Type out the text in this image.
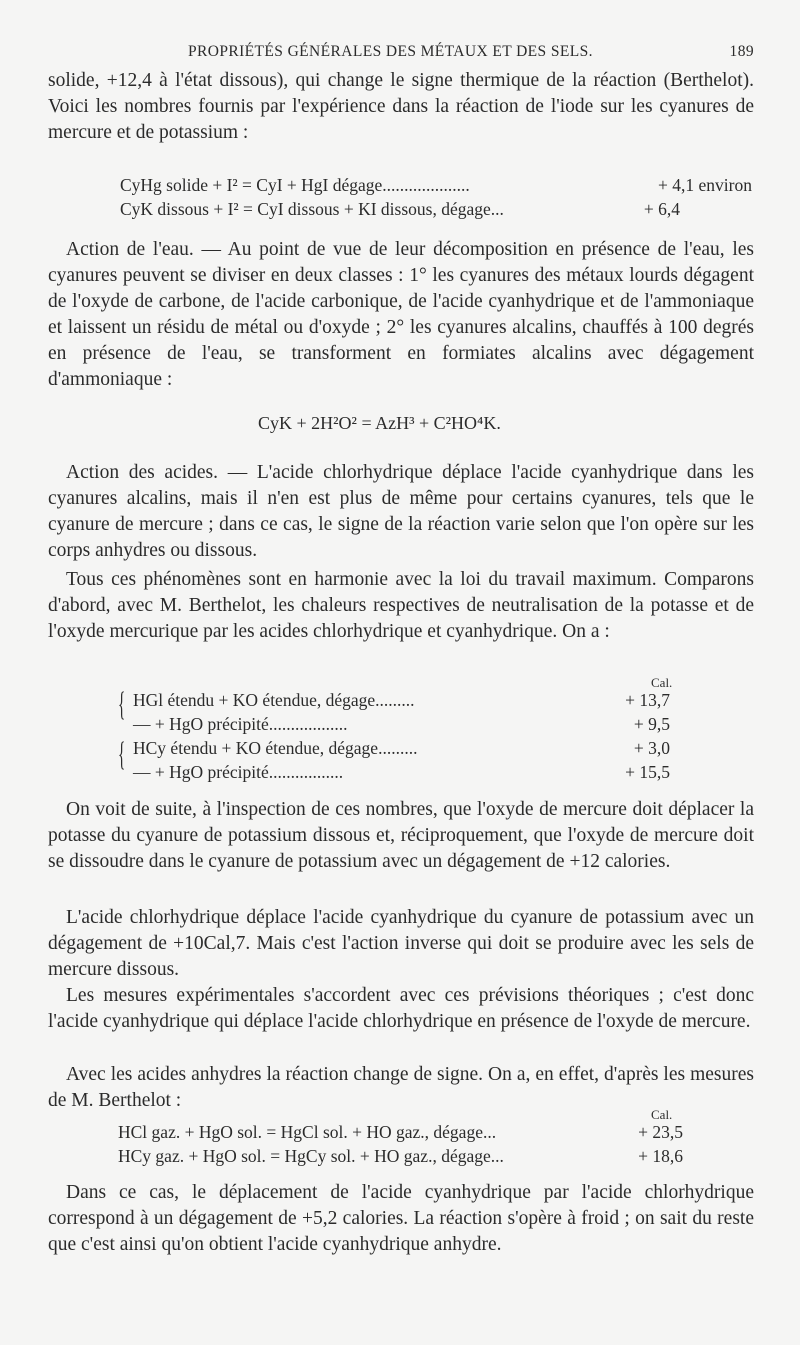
PROPRIÉTÉS GÉNÉRALES DES MÉTAUX ET DES SELS.	189

solide, +12,4 à l'état dissous), qui change le signe thermique de la réaction (Berthelot). Voici les nombres fournis par l'expérience dans la réaction de l'iode sur les cyanures de mercure et de potassium :

CyHg solide + I² = CyI + HgI dégage....................	+ 4,1 environ
CyK dissous + I² = CyI dissous + KI dissous, dégage...	+ 6,4

Action de l'eau. — Au point de vue de leur décomposition en présence de l'eau, les cyanures peuvent se diviser en deux classes : 1° les cyanures des métaux lourds dégagent de l'oxyde de carbone, de l'acide carbonique, de l'acide cyanhydrique et de l'ammoniaque et laissent un résidu de métal ou d'oxyde ; 2° les cyanures alcalins, chauffés à 100 degrés en présence de l'eau, se transforment en formiates alcalins avec dégagement d'ammoniaque :

CyK + 2H²O² = AzH³ + C²HO⁴K.

Action des acides. — L'acide chlorhydrique déplace l'acide cyanhydrique dans les cyanures alcalins, mais il n'en est plus de même pour certains cyanures, tels que le cyanure de mercure ; dans ce cas, le signe de la réaction varie selon que l'on opère sur les corps anhydres ou dissous.

Tous ces phénomènes sont en harmonie avec la loi du travail maximum. Comparons d'abord, avec M. Berthelot, les chaleurs respectives de neutralisation de la potasse et de l'oxyde mercurique par les acides chlorhydrique et cyanhydrique. On a :

Cal.
{
{
HGl étendu + KO étendue, dégage.........	+ 13,7
— + HgO précipité..................	+ 9,5
HCy étendu + KO étendue, dégage.........	+ 3,0
— + HgO précipité.................	+ 15,5

On voit de suite, à l'inspection de ces nombres, que l'oxyde de mercure doit déplacer la potasse du cyanure de potassium dissous et, réciproquement, que l'oxyde de mercure doit se dissoudre dans le cyanure de potassium avec un dégagement de +12 calories.

L'acide chlorhydrique déplace l'acide cyanhydrique du cyanure de potassium avec un dégagement de +10Cal,7. Mais c'est l'action inverse qui doit se produire avec les sels de mercure dissous.

Les mesures expérimentales s'accordent avec ces prévisions théoriques ; c'est donc l'acide cyanhydrique qui déplace l'acide chlorhydrique en présence de l'oxyde de mercure.

Avec les acides anhydres la réaction change de signe. On a, en effet, d'après les mesures de M. Berthelot :

Cal.
HCl gaz. + HgO sol. = HgCl sol. + HO gaz., dégage...	+ 23,5
HCy gaz. + HgO sol. = HgCy sol. + HO gaz., dégage...	+ 18,6

Dans ce cas, le déplacement de l'acide cyanhydrique par l'acide chlorhydrique correspond à un dégagement de +5,2 calories. La réaction s'opère à froid ; on sait du reste que c'est ainsi qu'on obtient l'acide cyanhydrique anhydre.
